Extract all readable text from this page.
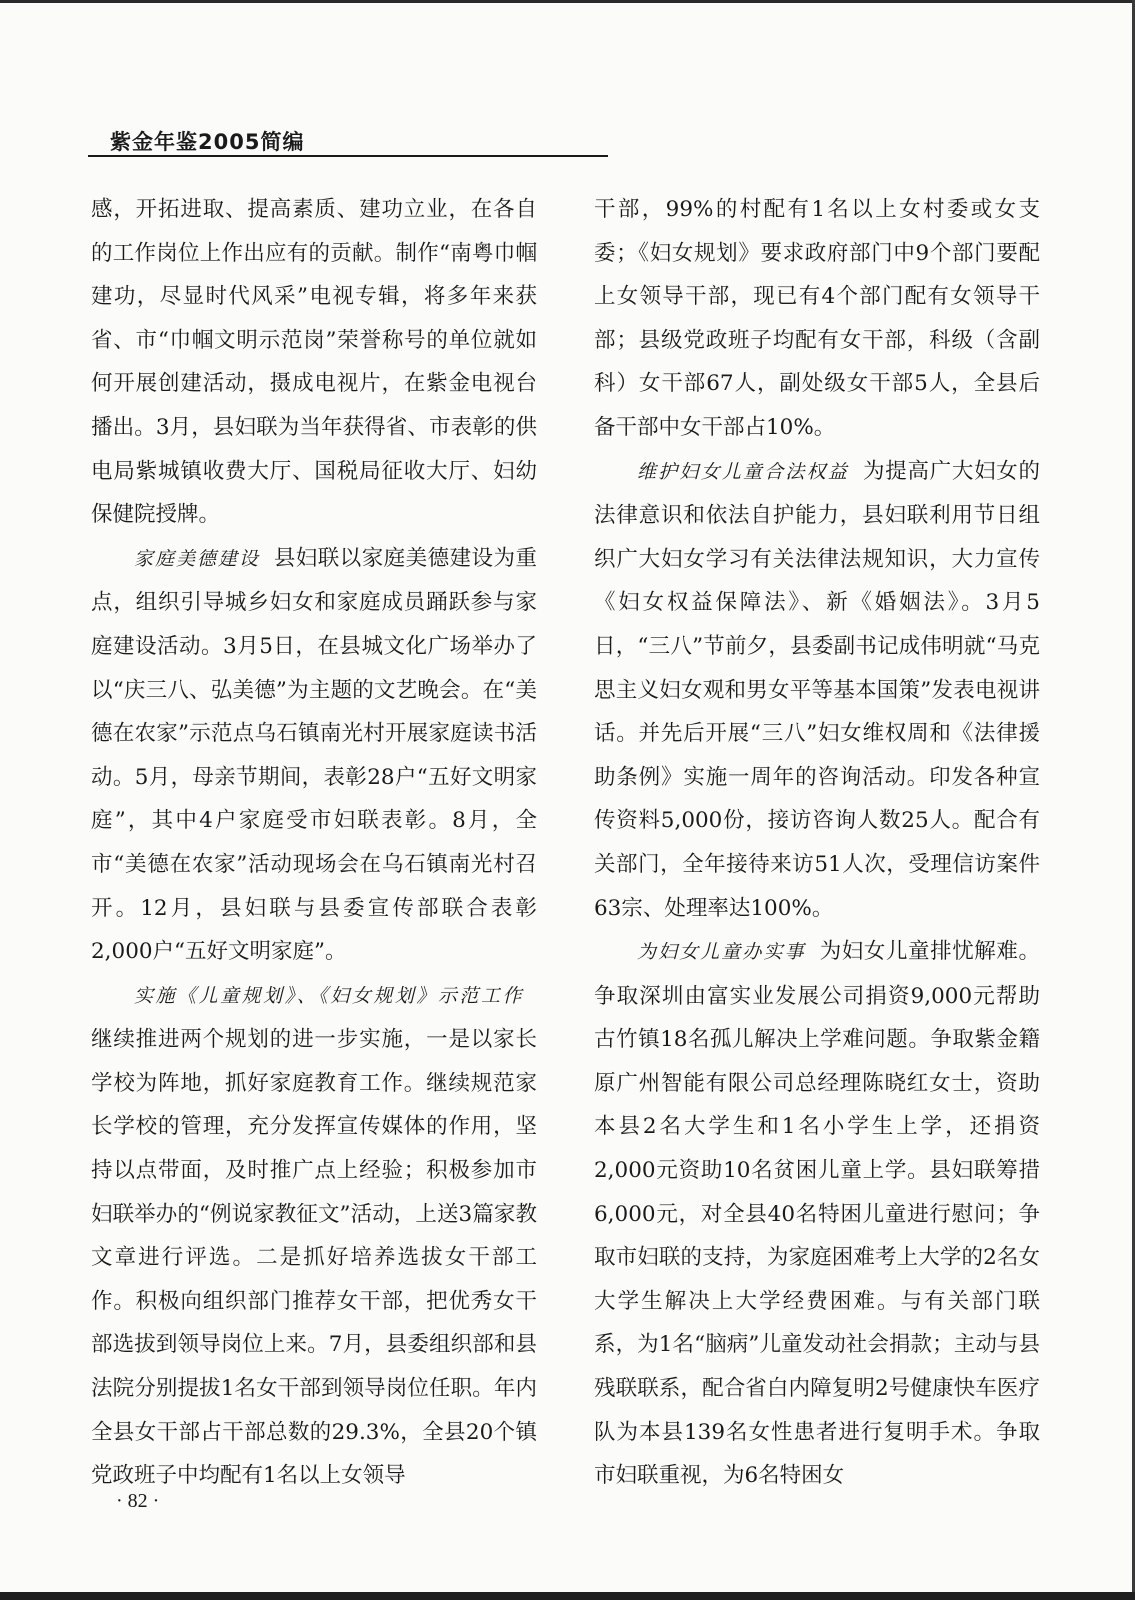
紫金年鉴2005简编

感，开拓进取、提高素质、建功立业，在各自的工作岗位上作出应有的贡献。制作“南粤巾帼建功，尽显时代风采”电视专辑，将多年来获省、市“巾帼文明示范岗”荣誉称号的单位就如何开展创建活动，摄成电视片，在紫金电视台播出。3月，县妇联为当年获得省、市表彰的供电局紫城镇收费大厅、国税局征收大厅、妇幼保健院授牌。

家庭美德建设 县妇联以家庭美德建设为重点，组织引导城乡妇女和家庭成员踊跃参与家庭建设活动。3月5日，在县城文化广场举办了以“庆三八、弘美德”为主题的文艺晚会。在“美德在农家”示范点乌石镇南光村开展家庭读书活动。5月，母亲节期间，表彰28户“五好文明家庭”，其中4户家庭受市妇联表彰。8月，全市“美德在农家”活动现场会在乌石镇南光村召开。12月，县妇联与县委宣传部联合表彰2,000户“五好文明家庭”。

实施《儿童规划》、《妇女规划》示范工作继续推进两个规划的进一步实施，一是以家长学校为阵地，抓好家庭教育工作。继续规范家长学校的管理，充分发挥宣传媒体的作用，坚持以点带面，及时推广点上经验；积极参加市妇联举办的“例说家教征文”活动，上送3篇家教文章进行评选。二是抓好培养选拔女干部工作。积极向组织部门推荐女干部，把优秀女干部选拔到领导岗位上来。7月，县委组织部和县法院分别提拔1名女干部到领导岗位任职。年内全县女干部占干部总数的29.3%，全县20个镇党政班子中均配有1名以上女领导

干部，99%的村配有1名以上女村委或女支委；《妇女规划》要求政府部门中9个部门要配上女领导干部，现已有4个部门配有女领导干部；县级党政班子均配有女干部，科级（含副科）女干部67人，副处级女干部5人，全县后备干部中女干部占10%。

维护妇女儿童合法权益 为提高广大妇女的法律意识和依法自护能力，县妇联利用节日组织广大妇女学习有关法律法规知识，大力宣传《妇女权益保障法》、新《婚姻法》。3月5日，“三八”节前夕，县委副书记成伟明就“马克思主义妇女观和男女平等基本国策”发表电视讲话。并先后开展“三八”妇女维权周和《法律援助条例》实施一周年的咨询活动。印发各种宣传资料5,000份，接访咨询人数25人。配合有关部门，全年接待来访51人次，受理信访案件63宗、处理率达100%。

为妇女儿童办实事 为妇女儿童排忧解难。争取深圳由富实业发展公司捐资9,000元帮助古竹镇18名孤儿解决上学难问题。争取紫金籍原广州智能有限公司总经理陈晓红女士，资助本县2名大学生和1名小学生上学，还捐资2,000元资助10名贫困儿童上学。县妇联筹措6,000元，对全县40名特困儿童进行慰问；争取市妇联的支持，为家庭困难考上大学的2名女大学生解决上大学经费困难。与有关部门联系，为1名“脑病”儿童发动社会捐款；主动与县残联联系，配合省白内障复明2号健康快车医疗队为本县139名女性患者进行复明手术。争取市妇联重视，为6名特困女

· 82 ·
